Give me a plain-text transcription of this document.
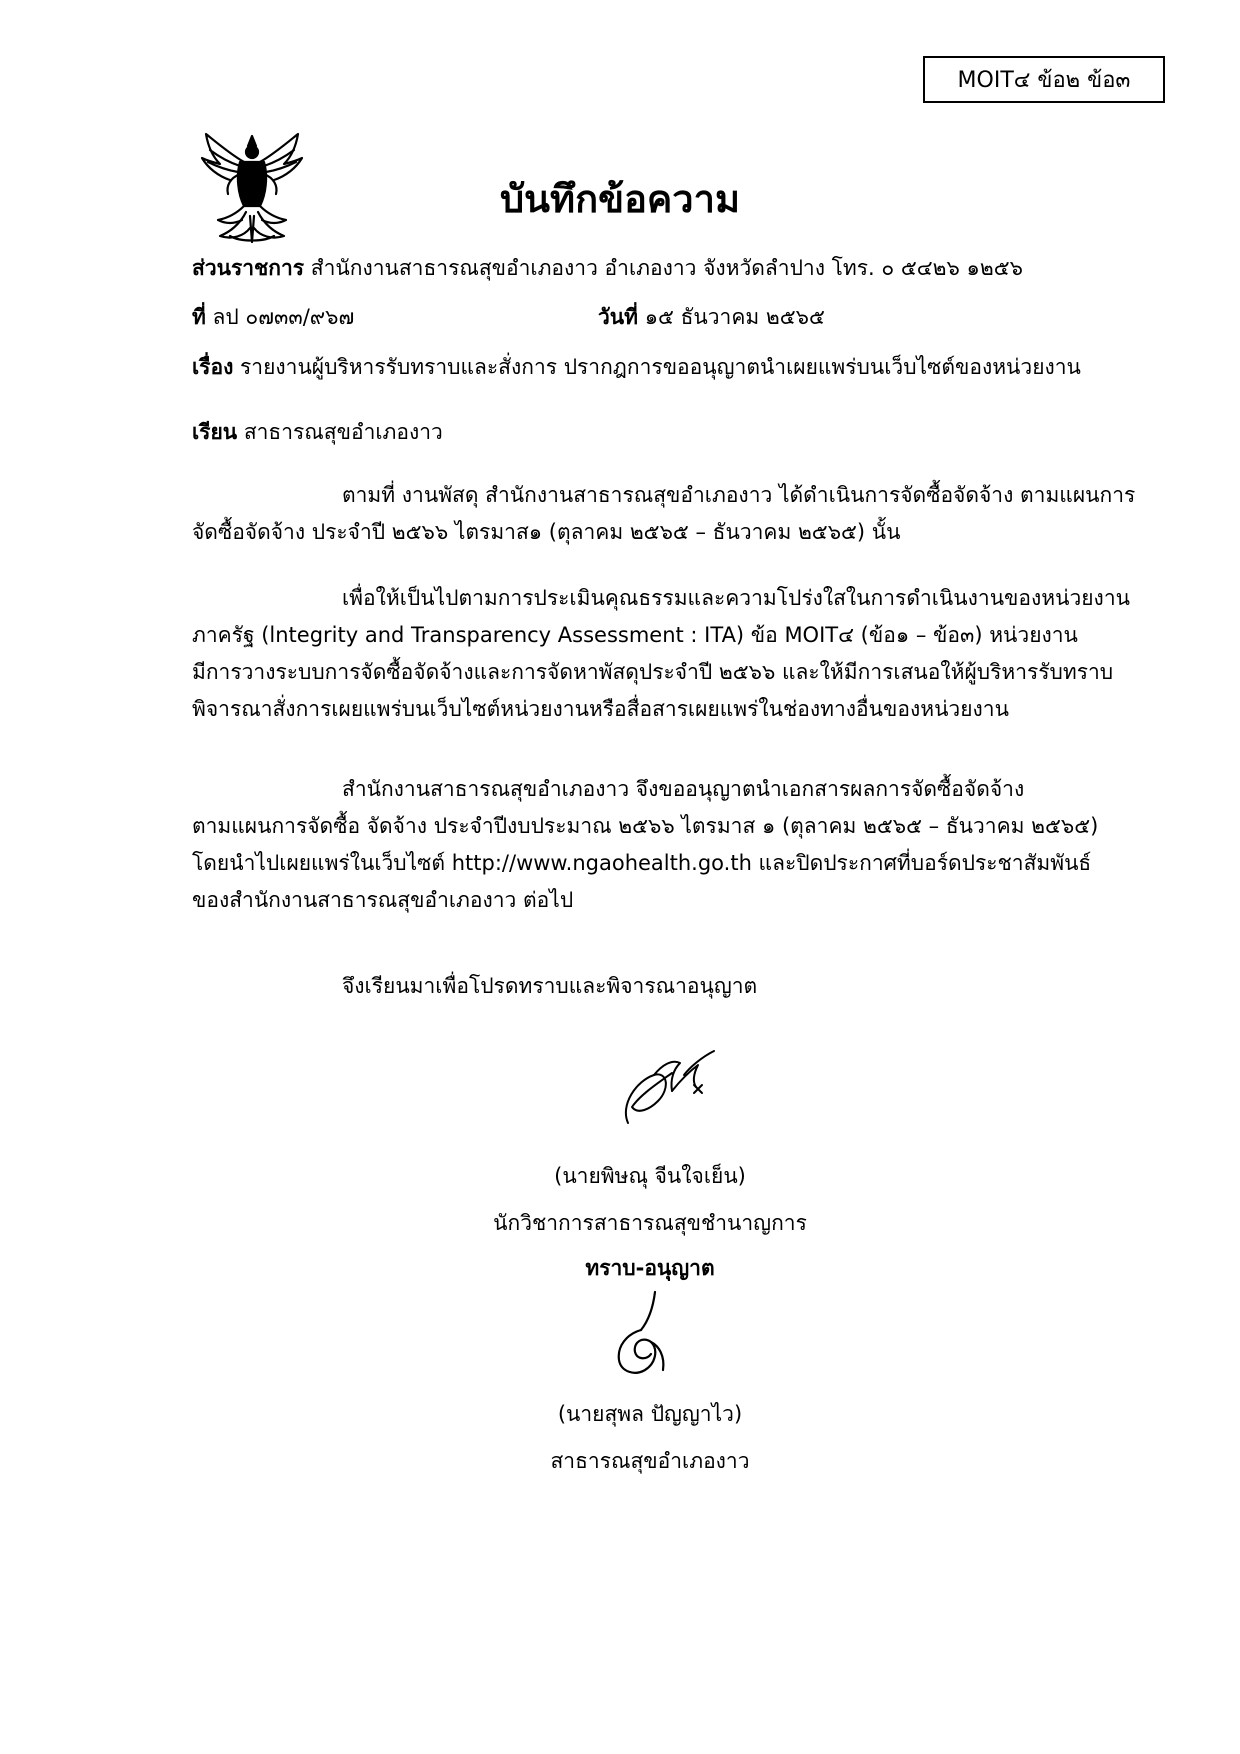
MOIT๔ ข้อ๒ ข้อ๓
บันทึกข้อความ
ส่วนราชการ สำนักงานสาธารณสุขอำเภองาว อำเภองาว จังหวัดลำปาง โทร. ๐ ๕๔๒๖ ๑๒๕๖
ที่ ลป ๐๗๓๓/๙๖๗	วันที่ ๑๕ ธันวาคม ๒๕๖๕
เรื่อง รายงานผู้บริหารรับทราบและสั่งการ ปรากฎการขออนุญาตนำเผยแพร่บนเว็บไซต์ของหน่วยงาน
เรียน สาธารณสุขอำเภองาว

ตามที่ งานพัสดุ สำนักงานสาธารณสุขอำเภองาว ได้ดำเนินการจัดซื้อจัดจ้าง ตามแผนการ

จัดซื้อจัดจ้าง ประจำปี ๒๕๖๖ ไตรมาส๑ (ตุลาคม ๒๕๖๕ – ธันวาคม ๒๕๖๕) นั้น

เพื่อให้เป็นไปตามการประเมินคุณธรรมและความโปร่งใสในการดำเนินงานของหน่วยงาน

ภาครัฐ (lntegrity and Transparency Assessment : ITA) ข้อ MOIT๔ (ข้อ๑ – ข้อ๓) หน่วยงาน

มีการวางระบบการจัดซื้อจัดจ้างและการจัดหาพัสดุประจำปี ๒๕๖๖ และให้มีการเสนอให้ผู้บริหารรับทราบ

พิจารณาสั่งการเผยแพร่บนเว็บไซต์หน่วยงานหรือสื่อสารเผยแพร่ในช่องทางอื่นของหน่วยงาน

สำนักงานสาธารณสุขอำเภองาว จึงขออนุญาตนำเอกสารผลการจัดซื้อจัดจ้าง

ตามแผนการจัดซื้อ จัดจ้าง ประจำปีงบประมาณ ๒๕๖๖ ไตรมาส ๑ (ตุลาคม ๒๕๖๕ – ธันวาคม ๒๕๖๕)

โดยนำไปเผยแพร่ในเว็บไซต์ http://www.ngaohealth.go.th และปิดประกาศที่บอร์ดประชาสัมพันธ์

ของสำนักงานสาธารณสุขอำเภองาว ต่อไป

จึงเรียนมาเพื่อโปรดทราบและพิจารณาอนุญาต
(นายพิษณุ จีนใจเย็น)
นักวิชาการสาธารณสุขชำนาญการ
ทราบ-อนุญาต
(นายสุพล ปัญญาไว)
สาธารณสุขอำเภองาว
